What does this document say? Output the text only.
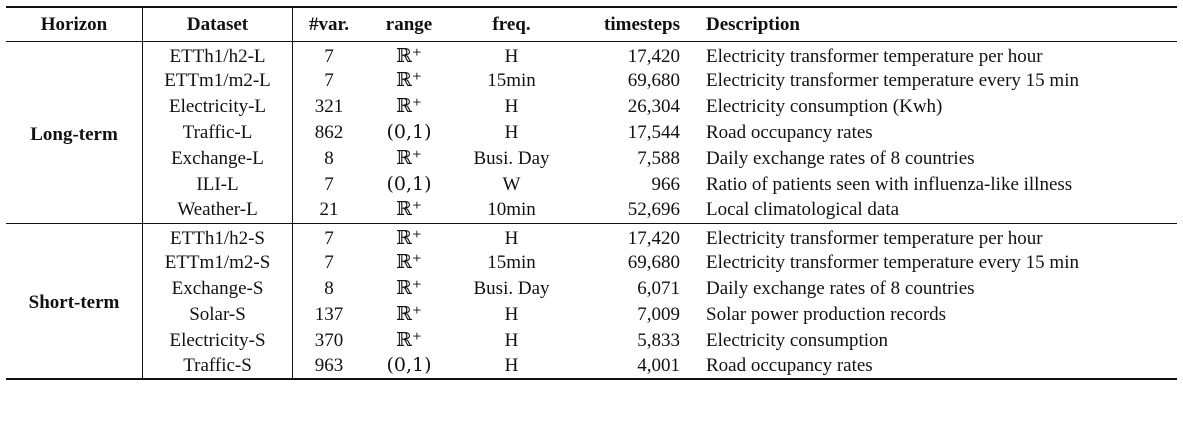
Horizon	Dataset	#var.	range	freq.	timesteps	Description
Long-term	ETTh1/h2-L	7	ℝ⁺	H	17,420	Electricity transformer temperature per hour
	ETTm1/m2-L	7	ℝ⁺	15min	69,680	Electricity transformer temperature every 15 min
	Electricity-L	321	ℝ⁺	H	26,304	Electricity consumption (Kwh)
	Traffic-L	862	(0,1)	H	17,544	Road occupancy rates
	Exchange-L	8	ℝ⁺	Busi. Day	7,588	Daily exchange rates of 8 countries
	ILI-L	7	(0,1)	W	966	Ratio of patients seen with influenza-like illness
	Weather-L	21	ℝ⁺	10min	52,696	Local climatological data
Short-term	ETTh1/h2-S	7	ℝ⁺	H	17,420	Electricity transformer temperature per hour
	ETTm1/m2-S	7	ℝ⁺	15min	69,680	Electricity transformer temperature every 15 min
	Exchange-S	8	ℝ⁺	Busi. Day	6,071	Daily exchange rates of 8 countries
	Solar-S	137	ℝ⁺	H	7,009	Solar power production records
	Electricity-S	370	ℝ⁺	H	5,833	Electricity consumption
	Traffic-S	963	(0,1)	H	4,001	Road occupancy rates
